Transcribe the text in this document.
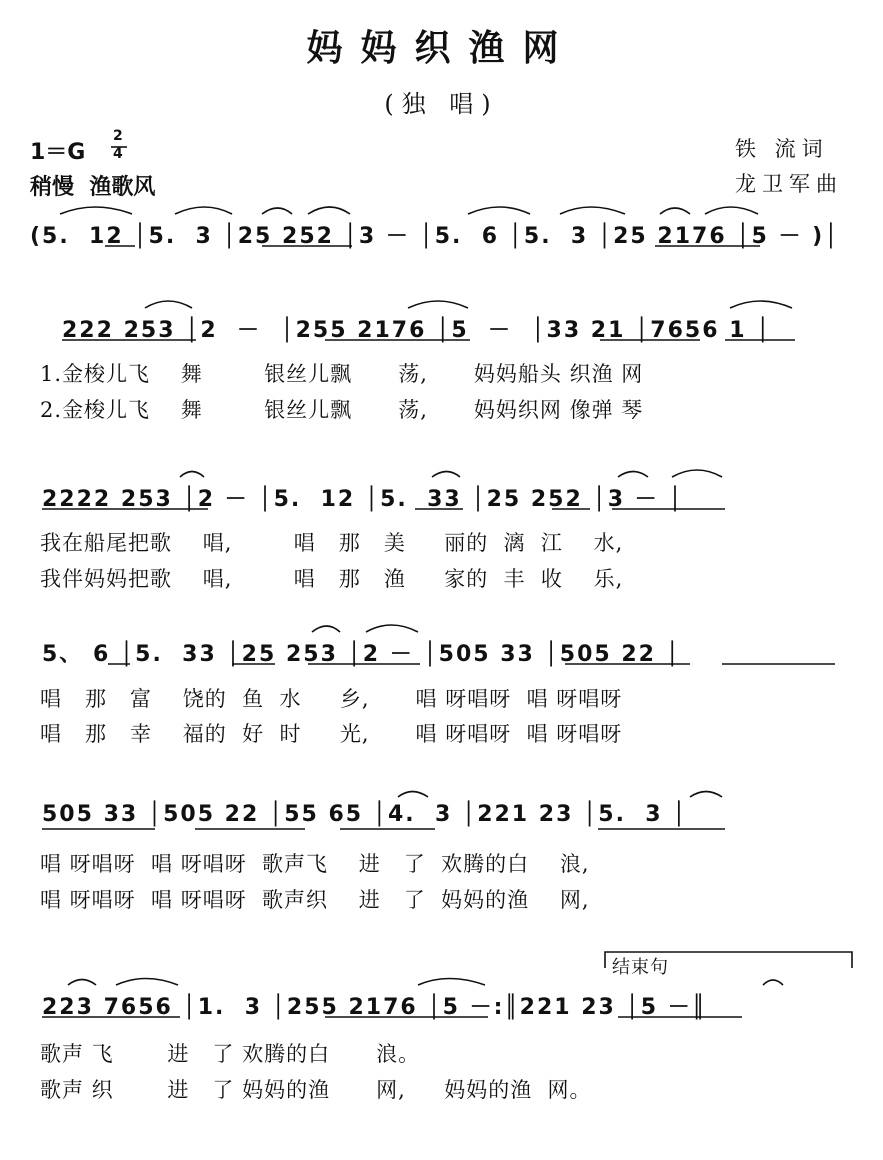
妈妈织渔网
(独 唱)
1＝G
2
4
稍慢  渔歌风
铁 流词
龙卫军曲
(5.  12 │5.  3 │25 252 │3 － │5.  6 │5.  3 │25 2176 │5 － )│
222 253 │2  －  │255 2176 │5  －  │33 21 │7656 1 │
1.金梭儿飞    舞        银丝儿飘      荡,      妈妈船头 织渔 网
2.金梭儿飞    舞        银丝儿飘      荡,      妈妈织网 像弹 琴
2222 253 │2 － │5.  12 │5.  33 │25 252 │3 － │
我在船尾把歌    唱,        唱   那   美     丽的  漓  江    水,
我伴妈妈把歌    唱,        唱   那   渔     家的  丰  收    乐,
5、 6 │5.  33 │25 253 │2 － │505 33 │505 22 │
唱   那   富    饶的  鱼  水     乡,      唱 呀唱呀  唱 呀唱呀
唱   那   幸    福的  好  时     光,      唱 呀唱呀  唱 呀唱呀
505 33 │505 22 │55 65 │4.  3 │221 23 │5.  3 │
唱 呀唱呀  唱 呀唱呀  歌声飞    进   了  欢腾的白    浪,
唱 呀唱呀  唱 呀唱呀  歌声织    进   了  妈妈的渔    网,
结束句
223 7656 │1.  3 │255 2176 │5 －:║221 23 │5 －║
歌声 飞       进   了 欢腾的白      浪。
歌声 织       进   了 妈妈的渔      网,     妈妈的渔  网。
